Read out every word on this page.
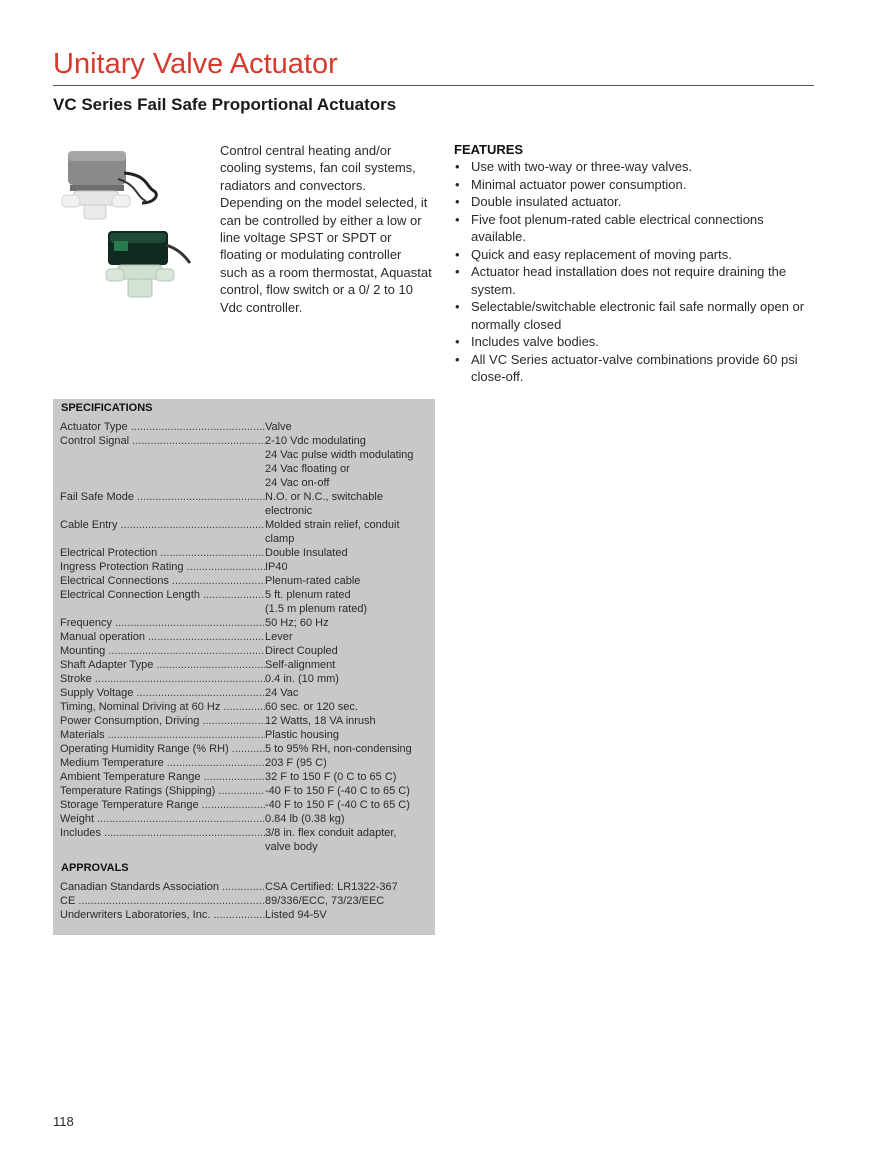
Unitary Valve Actuator
VC Series Fail Safe Proportional Actuators

Control central heating and/or cooling systems, fan coil systems, radiators and convectors. Depending on the model selected, it can be controlled by either a low or line voltage SPST or SPDT or floating or modulating controller such as a room thermostat, Aquastat control, flow switch or a 0/ 2 to 10 Vdc controller.

FEATURES
• Use with two-way or three-way valves.
• Minimal actuator power consumption.
• Double insulated actuator.
• Five foot plenum-rated cable electrical connections available.
• Quick and easy replacement of moving parts.
• Actuator head installation does not require draining the system.
• Selectable/switchable electronic fail safe normally open or normally closed
• Includes valve bodies.
• All VC Series actuator-valve combinations provide 60 psi close-off.
SPECIFICATIONS
APPROVALS
Actuator Type .....	Valve
Control Signal .....	2-10 Vdc modulating
24 Vac pulse width modulating
24 Vac floating or
24 Vac on-off
Fail Safe Mode .....	N.O. or N.C., switchable
electronic
Cable Entry .....	Molded strain relief, conduit
clamp
Electrical Protection .....	Double Insulated
Ingress Protection Rating .....	IP40
Electrical Connections .....	Plenum-rated cable
Electrical Connection Length .....	5 ft. plenum rated
(1.5 m plenum rated)
Frequency .....	50 Hz; 60 Hz
Manual operation .....	Lever
Mounting .....	Direct Coupled
Shaft Adapter Type .....	Self-alignment
Stroke .....	0.4 in. (10 mm)
Supply Voltage .....	24 Vac
Timing, Nominal Driving at 60 Hz .....	60 sec. or 120 sec.
Power Consumption, Driving .....	12 Watts, 18 VA inrush
Materials .....	Plastic housing
Operating Humidity Range (% RH) .....	5 to 95% RH, non-condensing
Medium Temperature .....	203 F (95 C)
Ambient Temperature Range .....	32 F to 150 F (0 C to 65 C)
Temperature Ratings (Shipping) .....	-40 F to 150 F (-40 C to 65 C)
Storage Temperature Range .....	-40 F to 150 F (-40 C to 65 C)
Weight .....	0.84 lb (0.38 kg)
Includes .....	3/8 in. flex conduit adapter,
valve body
Canadian Standards Association .....	CSA Certified: LR1322-367
CE .....	89/336/ECC, 73/23/EEC
Underwriters Laboratories, Inc. .....	Listed 94-5V
118
